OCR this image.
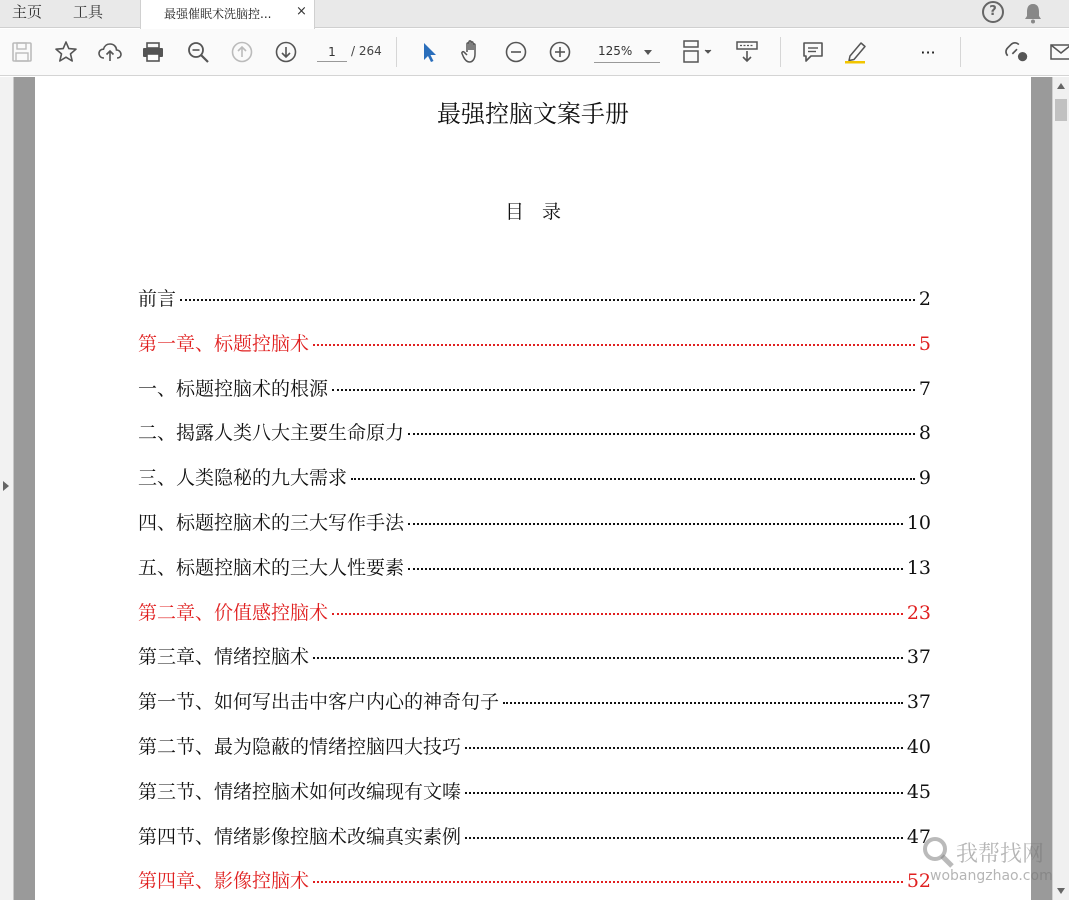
主页 工具	最强催眠术洗脑控... ×	?
1
/ 264	125%	···
最强控脑文案手册
目录
前言	2
第一章、标题控脑术	5
一、标题控脑术的根源	7
二、揭露人类八大主要生命原力	8
三、人类隐秘的九大需求	9
四、标题控脑术的三大写作手法	10
五、标题控脑术的三大人性要素	13
第二章、价值感控脑术	23
第三章、情绪控脑术	37
第一节、如何写出击中客户内心的神奇句子	37
第二节、最为隐蔽的情绪控脑四大技巧	40
第三节、情绪控脑术如何改编现有文嗪	45
第四节、情绪影像控脑术改编真实素例	47
第四章、影像控脑术	52
我帮找网
wobangzhao.com
